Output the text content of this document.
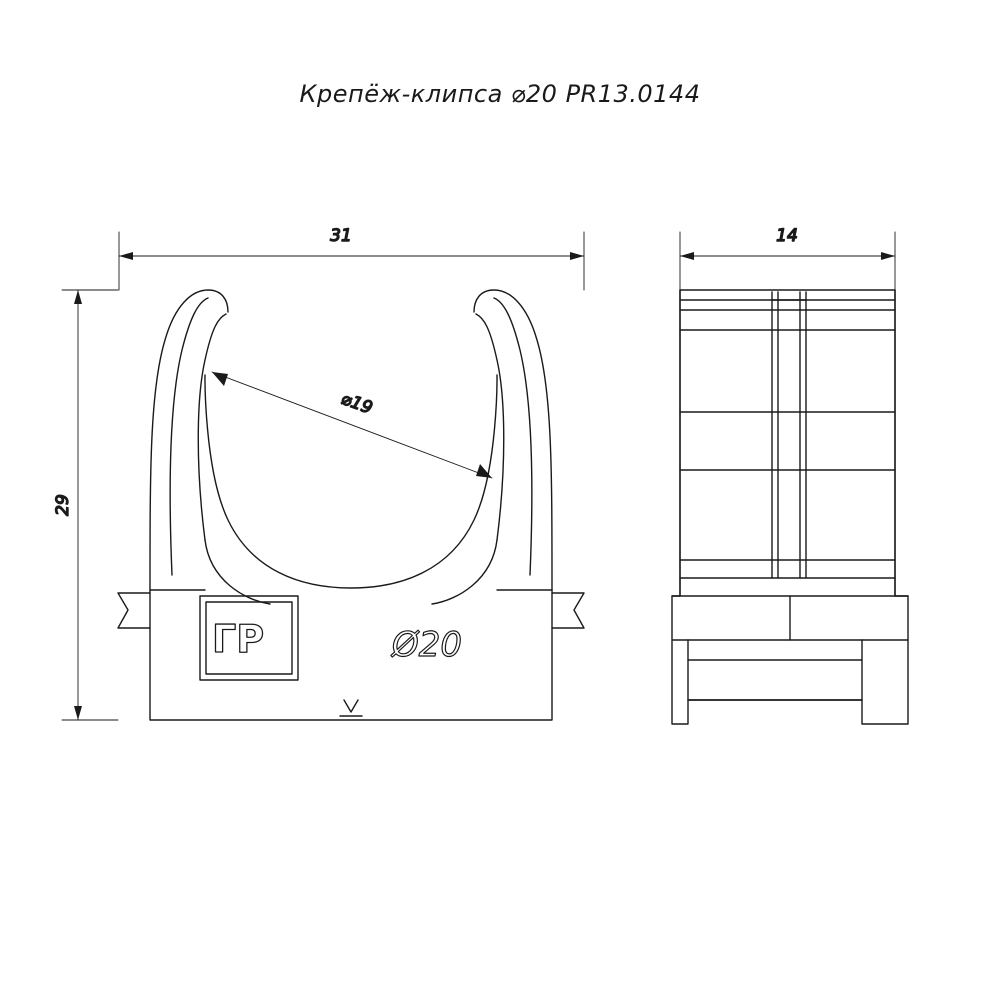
Крепёж-клипса ⌀20 PR13.0144
ГР	Ø20
31
29
⌀19
14
